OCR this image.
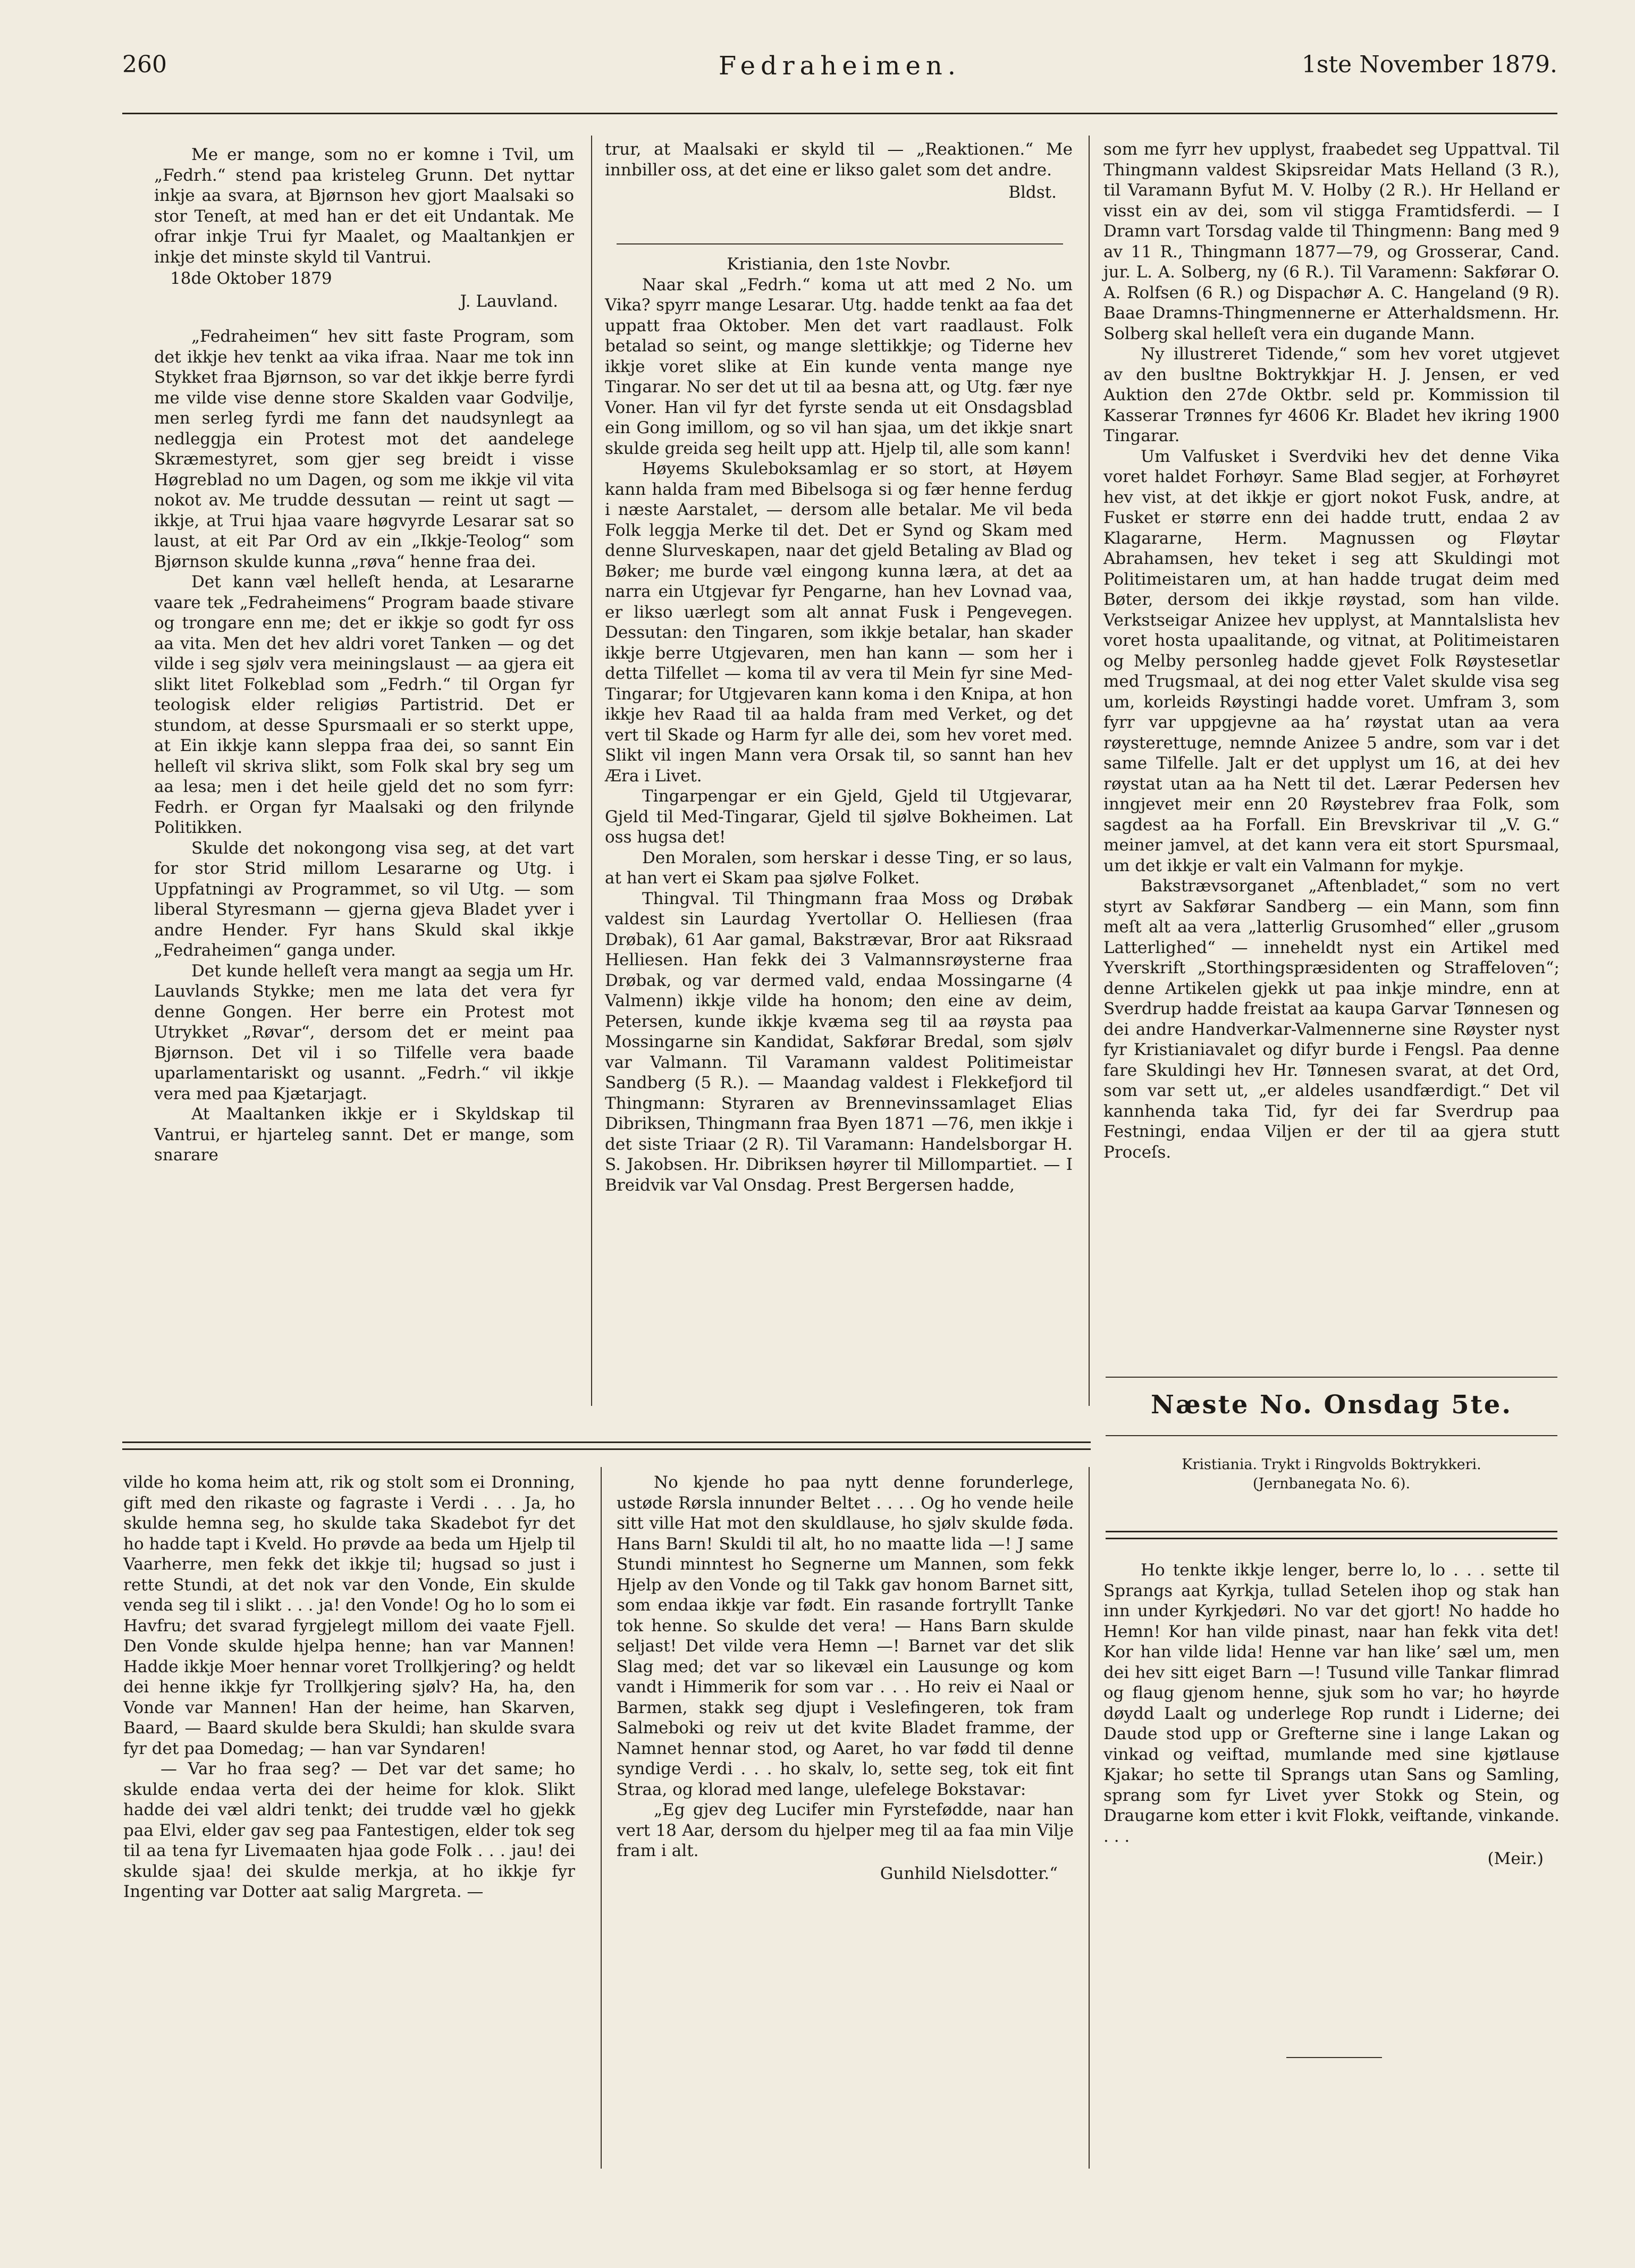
260	Fedraheimen.	1ste November 1879.

Me er mange, som no er komne i Tvil, um „Fedrh.“ stend paa kristeleg Grunn. Det nyttar inkje aa svara, at Bjørnson hev gjort Maalsaki so stor Teneſt, at med han er det eit Undantak. Me ofrar inkje Trui fyr Maalet, og Maaltankjen er inkje det minste skyld til Vantrui.

18de Oktober 1879

J. Lauvland.

„Fedraheimen“ hev sitt faste Program, som det ikkje hev tenkt aa vika ifraa. Naar me tok inn Stykket fraa Bjørnson, so var det ikkje berre fyrdi me vilde vise denne store Skalden vaar Godvilje, men serleg fyrdi me fann det naudsynlegt aa nedleggja ein Protest mot det aandelege Skræmestyret, som gjer seg breidt i visse Høgreblad no um Dagen, og som me ikkje vil vita nokot av. Me trudde dessutan — reint ut sagt — ikkje, at Trui hjaa vaare høgvyrde Lesarar sat so laust, at eit Par Ord av ein „Ikkje-Teolog“ som Bjørnson skulde kunna „røva“ henne fraa dei.

Det kann væl helleſt henda, at Lesararne vaare tek „Fedraheimens“ Program baade stivare og trongare enn me; det er ikkje so godt fyr oss aa vita. Men det hev aldri voret Tanken — og det vilde i seg sjølv vera meiningslaust — aa gjera eit slikt litet Folkeblad som „Fedrh.“ til Organ fyr teologisk elder religiøs Partistrid. Det er stundom, at desse Spursmaali er so sterkt uppe, at Ein ikkje kann sleppa fraa dei, so sannt Ein helleſt vil skriva slikt, som Folk skal bry seg um aa lesa; men i det heile gjeld det no som fyrr: Fedrh. er Organ fyr Maalsaki og den frilynde Politikken.

Skulde det nokongong visa seg, at det vart for stor Strid millom Lesararne og Utg. i Uppfatningi av Programmet, so vil Utg. — som liberal Styresmann — gjerna gjeva Bladet yver i andre Hender. Fyr hans Skuld skal ikkje „Fedraheimen“ ganga under.

Det kunde helleſt vera mangt aa segja um Hr. Lauvlands Stykke; men me lata det vera fyr denne Gongen. Her berre ein Protest mot Utrykket „Røvar“, dersom det er meint paa Bjørnson. Det vil i so Tilfelle vera baade uparlamentariskt og usannt. „Fedrh.“ vil ikkje vera med paa Kjætarjagt.

At Maaltanken ikkje er i Skyldskap til Vantrui, er hjarteleg sannt. Det er mange, som snarare

trur, at Maalsaki er skyld til — „Reaktionen.“ Me innbiller oss, at det eine er likso galet som det andre.

Bldst.

Kristiania, den 1ste Novbr.

Naar skal „Fedrh.“ koma ut att med 2 No. um Vika? spyrr mange Lesarar. Utg. hadde tenkt aa faa det uppatt fraa Oktober. Men det vart raadlaust. Folk betalad so seint, og mange slettikkje; og Tiderne hev ikkje voret slike at Ein kunde venta mange nye Tingarar. No ser det ut til aa besna att, og Utg. fær nye Voner. Han vil fyr det fyrste senda ut eit Onsdagsblad ein Gong imillom, og so vil han sjaa, um det ikkje snart skulde greida seg heilt upp att. Hjelp til, alle som kann!

Høyems Skuleboksamlag er so stort, at Høyem kann halda fram med Bibelsoga si og fær henne ferdug i næste Aarstalet, — dersom alle betalar. Me vil beda Folk leggja Merke til det. Det er Synd og Skam med denne Slurveskapen, naar det gjeld Betaling av Blad og Bøker; me burde væl eingong kunna læra, at det aa narra ein Utgjevar fyr Pengarne, han hev Lovnad vaa, er likso uærlegt som alt annat Fusk i Pengevegen. Dessutan: den Tingaren, som ikkje betalar, han skader ikkje berre Utgjevaren, men han kann — som her i detta Tilfellet — koma til av vera til Mein fyr sine Med-Tingarar; for Utgjevaren kann koma i den Knipa, at hon ikkje hev Raad til aa halda fram med Verket, og det vert til Skade og Harm fyr alle dei, som hev voret med. Slikt vil ingen Mann vera Orsak til, so sannt han hev Æra i Livet.

Tingarpengar er ein Gjeld, Gjeld til Utgjevarar, Gjeld til Med-Tingarar, Gjeld til sjølve Bokheimen. Lat oss hugsa det!

Den Moralen, som herskar i desse Ting, er so laus, at han vert ei Skam paa sjølve Folket.

Thingval. Til Thingmann fraa Moss og Drøbak valdest sin Laurdag Yvertollar O. Helliesen (fraa Drøbak), 61 Aar gamal, Bakstrævar, Bror aat Riksraad Helliesen. Han fekk dei 3 Valmannsrøysterne fraa Drøbak, og var dermed vald, endaa Mossingarne (4 Valmenn) ikkje vilde ha honom; den eine av deim, Petersen, kunde ikkje kvæma seg til aa røysta paa Mossingarne sin Kandidat, Sakførar Bredal, som sjølv var Valmann. Til Varamann valdest Politimeistar Sandberg (5 R.). — Maandag valdest i Flekkefjord til Thingmann: Styraren av Brennevinssamlaget Elias Dibriksen, Thingmann fraa Byen 1871 —76, men ikkje i det siste Triaar (2 R). Til Varamann: Handelsborgar H. S. Jakobsen. Hr. Dibriksen høyrer til Millompartiet. — I Breidvik var Val Onsdag. Prest Bergersen hadde,

som me fyrr hev upplyst, fraabedet seg Uppattval. Til Thingmann valdest Skipsreidar Mats Helland (3 R.), til Varamann Byfut M. V. Holby (2 R.). Hr Helland er visst ein av dei, som vil stigga Framtidsferdi. — I Dramn vart Torsdag valde til Thingmenn: Bang med 9 av 11 R., Thingmann 1877—79, og Grosserar, Cand. jur. L. A. Solberg, ny (6 R.). Til Varamenn: Sakførar O. A. Rolfsen (6 R.) og Dispachør A. C. Hangeland (9 R). Baae Dramns-Thingmennerne er Atterhaldsmenn. Hr. Solberg skal helleſt vera ein dugande Mann.

Ny illustreret Tidende,“ som hev voret utgjevet av den busltne Boktrykkjar H. J. Jensen, er ved Auktion den 27de Oktbr. seld pr. Kommission til Kasserar Trønnes fyr 4606 Kr. Bladet hev ikring 1900 Tingarar.

Um Valfusket i Sverdviki hev det denne Vika voret haldet Forhøyr. Same Blad segjer, at Forhøyret hev vist, at det ikkje er gjort nokot Fusk, andre, at Fusket er større enn dei hadde trutt, endaa 2 av Klagararne, Herm. Magnussen og Fløytar Abrahamsen, hev teket i seg att Skuldingi mot Politimeistaren um, at han hadde trugat deim med Bøter, dersom dei ikkje røystad, som han vilde. Verkstseigar Anizee hev upplyst, at Manntalslista hev voret hosta upaalitande, og vitnat, at Politimeistaren og Melby personleg hadde gjevet Folk Røystesetlar med Trugsmaal, at dei nog etter Valet skulde visa seg um, korleids Røystingi hadde voret. Umfram 3, som fyrr var uppgjevne aa ha’ røystat utan aa vera røysterettuge, nemnde Anizee 5 andre, som var i det same Tilfelle. Jalt er det upplyst um 16, at dei hev røystat utan aa ha Nett til det. Lærar Pedersen hev inngjevet meir enn 20 Røystebrev fraa Folk, som sagdest aa ha Forfall. Ein Brevskrivar til „V. G.“ meiner jamvel, at det kann vera eit stort Spursmaal, um det ikkje er valt ein Valmann for mykje.

Bakstrævsorganet „Aftenbladet,“ som no vert styrt av Sakførar Sandberg — ein Mann, som finn meſt alt aa vera „latterlig Grusomhed“ eller „grusom Latterlighed“ — inneheldt nyst ein Artikel med Yverskrift „Storthingspræsidenten og Straffeloven“; denne Artikelen gjekk ut paa inkje mindre, enn at Sverdrup hadde freistat aa kaupa Garvar Tønnesen og dei andre Handverkar-Valmennerne sine Røyster nyst fyr Kristianiavalet og difyr burde i Fengsl. Paa denne fare Skuldingi hev Hr. Tønnesen svarat, at det Ord, som var sett ut, „er aldeles usandfærdigt.“ Det vil kannhenda taka Tid, fyr dei far Sverdrup paa Festningi, endaa Viljen er der til aa gjera stutt Proceſs.

Næste No. Onsdag 5te.
Kristiania. Trykt i Ringvolds Boktrykkeri.
(Jernbanegata No. 6).

vilde ho koma heim att, rik og stolt som ei Dronning, gift med den rikaste og fagraste i Verdi . . . Ja, ho skulde hemna seg, ho skulde taka Skadebot fyr det ho hadde tapt i Kveld. Ho prøvde aa beda um Hjelp til Vaarherre, men fekk det ikkje til; hugsad so just i rette Stundi, at det nok var den Vonde, Ein skulde venda seg til i slikt . . . ja! den Vonde! Og ho lo som ei Havfru; det svarad fyrgjelegt millom dei vaate Fjell. Den Vonde skulde hjelpa henne; han var Mannen! Hadde ikkje Moer hennar voret Trollkjering? og heldt dei henne ikkje fyr Trollkjering sjølv? Ha, ha, den Vonde var Mannen! Han der heime, han Skarven, Baard, — Baard skulde bera Skuldi; han skulde svara fyr det paa Domedag; — han var Syndaren!

— Var ho fraa seg? — Det var det same; ho skulde endaa verta dei der heime for klok. Slikt hadde dei væl aldri tenkt; dei trudde væl ho gjekk paa Elvi, elder gav seg paa Fantestigen, elder tok seg til aa tena fyr Livemaaten hjaa gode Folk . . . jau! dei skulde sjaa! dei skulde merkja, at ho ikkje fyr Ingenting var Dotter aat salig Margreta. —

No kjende ho paa nytt denne forunderlege, ustøde Rørsla innunder Beltet . . . . Og ho vende heile sitt ville Hat mot den skuldlause, ho sjølv skulde føda. Hans Barn! Skuldi til alt, ho no maatte lida —! J same Stundi minntest ho Segnerne um Mannen, som fekk Hjelp av den Vonde og til Takk gav honom Barnet sitt, som endaa ikkje var født. Ein rasande fortryllt Tanke tok henne. So skulde det vera! — Hans Barn skulde seljast! Det vilde vera Hemn —! Barnet var det slik Slag med; det var so likevæl ein Lausunge og kom vandt i Himmerik for som var . . . Ho reiv ei Naal or Barmen, stakk seg djupt i Veslefingeren, tok fram Salmeboki og reiv ut det kvite Bladet framme, der Namnet hennar stod, og Aaret, ho var fødd til denne syndige Verdi . . . ho skalv, lo, sette seg, tok eit fint Straa, og klorad med lange, ulefelege Bokstavar:

„Eg gjev deg Lucifer min Fyrstefødde, naar han vert 18 Aar, dersom du hjelper meg til aa faa min Vilje fram i alt.

Gunhild Nielsdotter.“

Ho tenkte ikkje lenger, berre lo, lo . . . sette til Sprangs aat Kyrkja, tullad Setelen ihop og stak han inn under Kyrkjedøri. No var det gjort! No hadde ho Hemn! Kor han vilde pinast, naar han fekk vita det! Kor han vilde lida! Henne var han like’ sæl um, men dei hev sitt eiget Barn —! Tusund ville Tankar flimrad og flaug gjenom henne, sjuk som ho var; ho høyrde døydd Laalt og underlege Rop rundt i Liderne; dei Daude stod upp or Grefterne sine i lange Lakan og vinkad og veiftad, mumlande med sine kjøtlause Kjakar; ho sette til Sprangs utan Sans og Samling, sprang som fyr Livet yver Stokk og Stein, og Draugarne kom etter i kvit Flokk, veiftande, vinkande. . . .

(Meir.)
